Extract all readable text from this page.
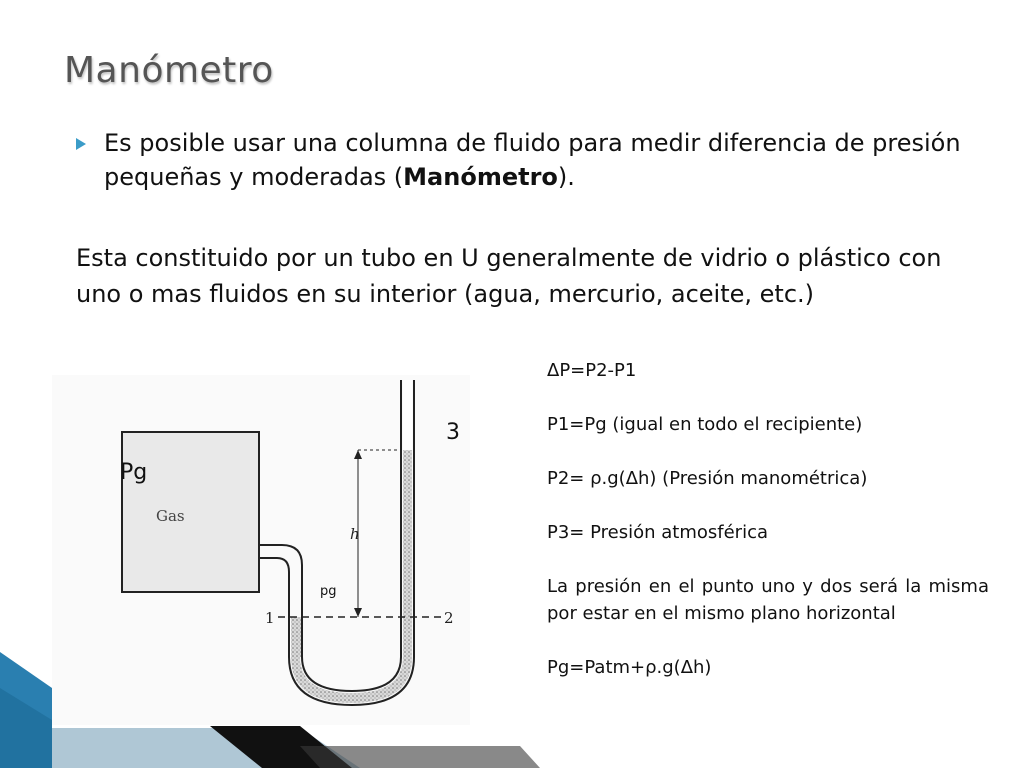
Manómetro
Es posible usar una columna de fluido para medir diferencia de presión pequeñas y moderadas (Manómetro).
Esta constituido por un tubo en U generalmente de vidrio o plástico con uno o mas fluidos en su interior (agua, mercurio, aceite, etc.)
h
Gas
1	2
Pg
3
pg

ΔP=P2-P1

P1=Pg (igual en todo el recipiente)

P2= ρ.g(Δh) (Presión manométrica)

P3= Presión atmosférica

La presión en el punto uno y dos será la misma por estar en el mismo plano horizontal

Pg=Patm+ρ.g(Δh)
